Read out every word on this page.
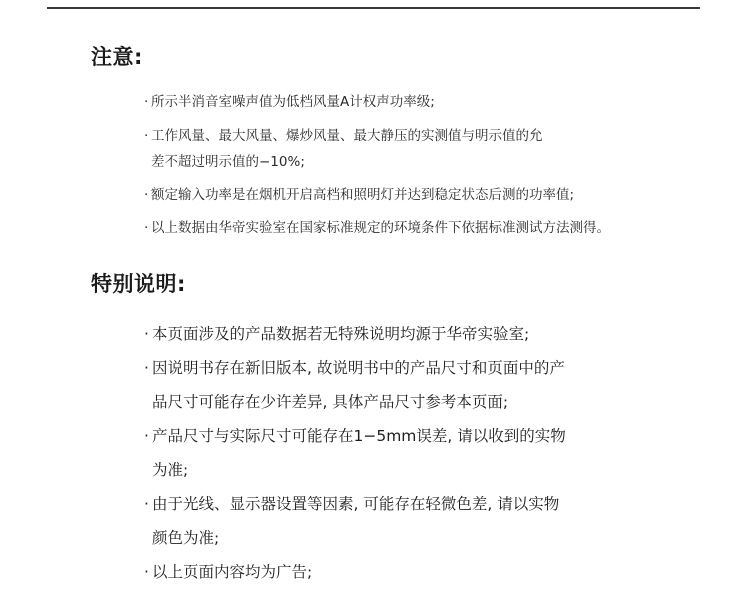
注意:
· 所示半消音室噪声值为低档风量A计权声功率级;
· 工作风量、最大风量、爆炒风量、最大静压的实测值与明示值的允
差不超过明示值的−10%;
· 额定输入功率是在烟机开启高档和照明灯并达到稳定状态后测的功率值;
· 以上数据由华帝实验室在国家标准规定的环境条件下依据标准测试方法测得。
特别说明:
· 本页面涉及的产品数据若无特殊说明均源于华帝实验室;
· 因说明书存在新旧版本, 故说明书中的产品尺寸和页面中的产
品尺寸可能存在少许差异, 具体产品尺寸参考本页面;
· 产品尺寸与实际尺寸可能存在1−5mm误差, 请以收到的实物
为准;
· 由于光线、显示器设置等因素, 可能存在轻微色差, 请以实物
颜色为准;
· 以上页面内容均为广告;
